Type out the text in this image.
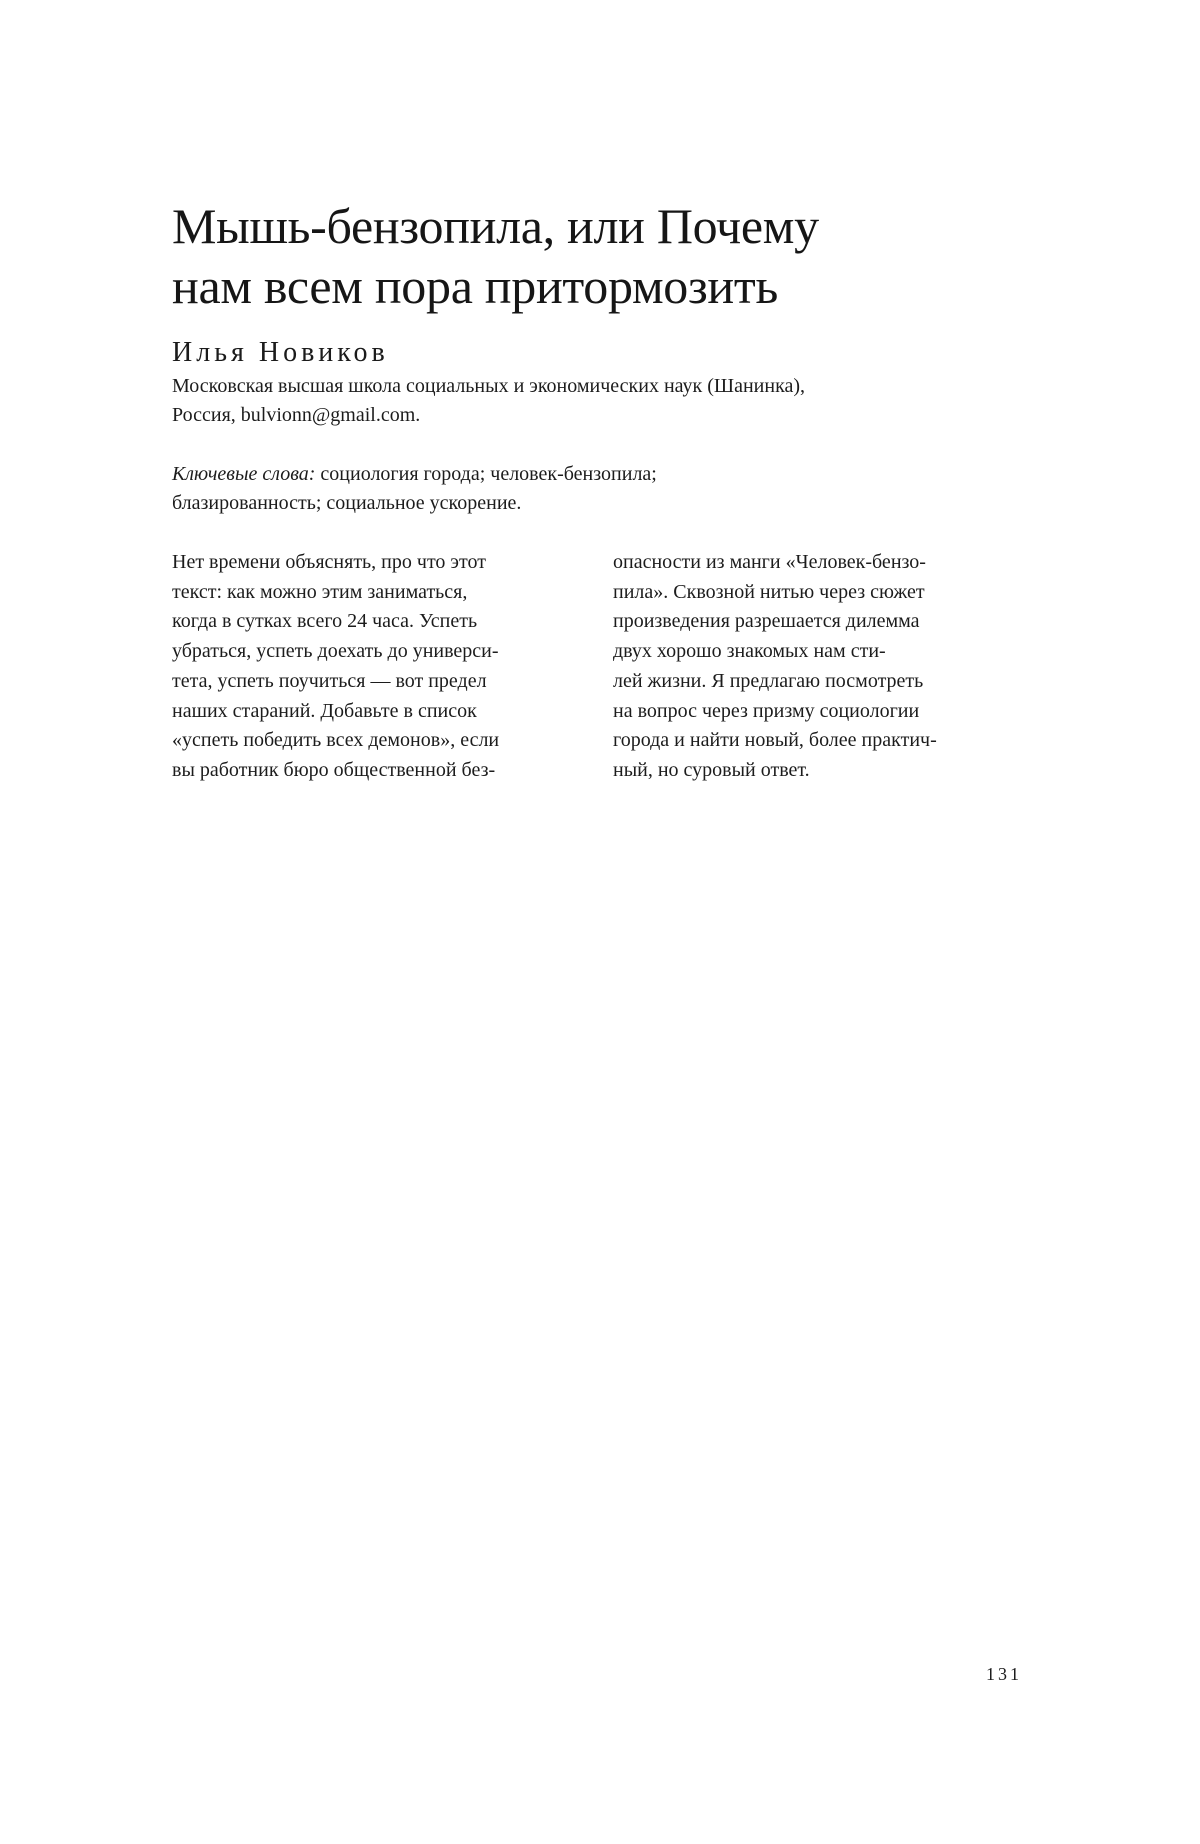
Мышь-бензопила, или Почему
нам всем пора притормозить

Илья Новиков

Московская высшая школа социальных и экономических наук (Шанинка),
Россия, bulvionn@gmail.com.

Ключевые слова: социология города; человек-бензопила;
блазированность; социальное ускорение.

Нет времени объяснять, про что этот
текст: как можно этим заниматься,
когда в сутках всего 24 часа. Успеть
убраться, успеть доехать до универси-
тета, успеть поучиться — вот предел
наших стараний. Добавьте в список
«успеть победить всех демонов», если
вы работник бюро общественной без-
опасности из манги «Человек-бензо-
пила». Сквозной нитью через сюжет
произведения разрешается дилемма
двух хорошо знакомых нам сти-
лей жизни. Я предлагаю посмотреть
на вопрос через призму социологии
города и найти новый, более практич-
ный, но суровый ответ.

131
